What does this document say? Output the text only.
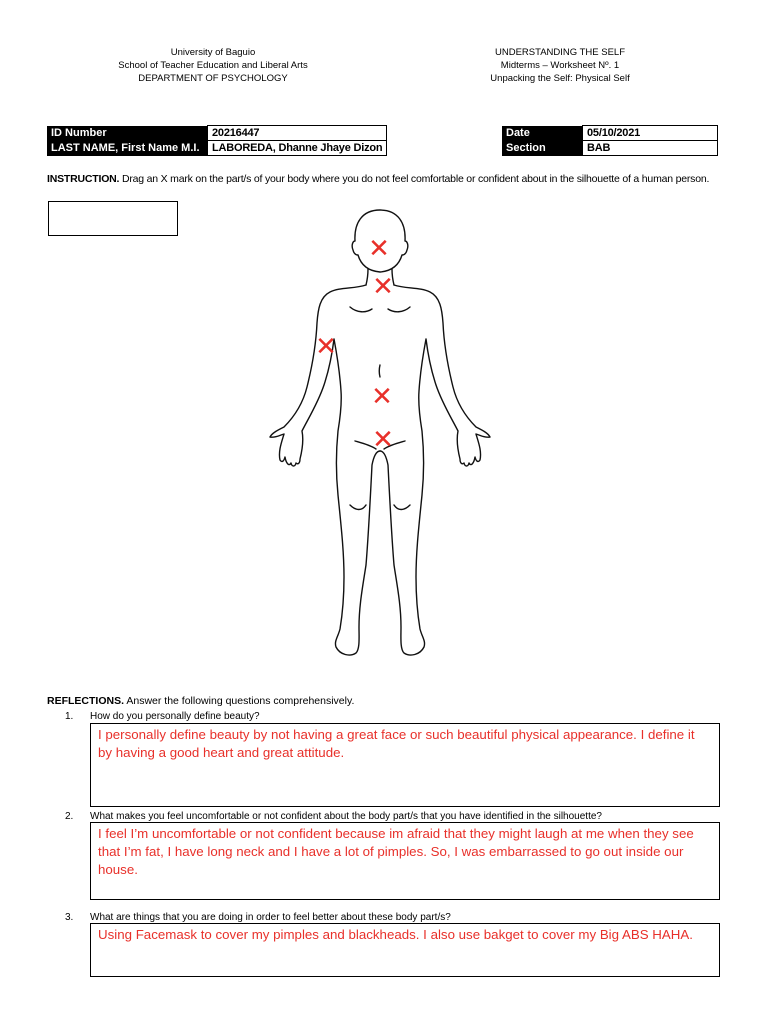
University of Baguio
School of Teacher Education and Liberal Arts
DEPARTMENT OF PSYCHOLOGY
UNDERSTANDING THE SELF
Midterms – Worksheet Nº. 1
Unpacking the Self: Physical Self
ID Number	20216447
LAST NAME, First Name M.I.	LABOREDA, Dhanne Jhaye Dizon
Date	05/10/2021
Section	BAB
INSTRUCTION. Drag an X mark on the part/s of your body where you do not feel comfortable or confident about in the silhouette of a human person.
✕
✕
✕
✕
✕
REFLECTIONS. Answer the following questions comprehensively.
1. How do you personally define beauty?
I personally define beauty by not having a great face or such beautiful physical appearance. I define it by having a good heart and great attitude.
2. What makes you feel uncomfortable or not confident about the body part/s that you have identified in the silhouette?
I feel I’m uncomfortable or not confident because im afraid that they might laugh at me when they see that I’m fat, I have long neck and I have a lot of pimples. So, I was embarrassed to go out inside our house.
3. What are things that you are doing in order to feel better about these body part/s?
Using Facemask to cover my pimples and blackheads. I also use bakget to cover my Big ABS HAHA.
